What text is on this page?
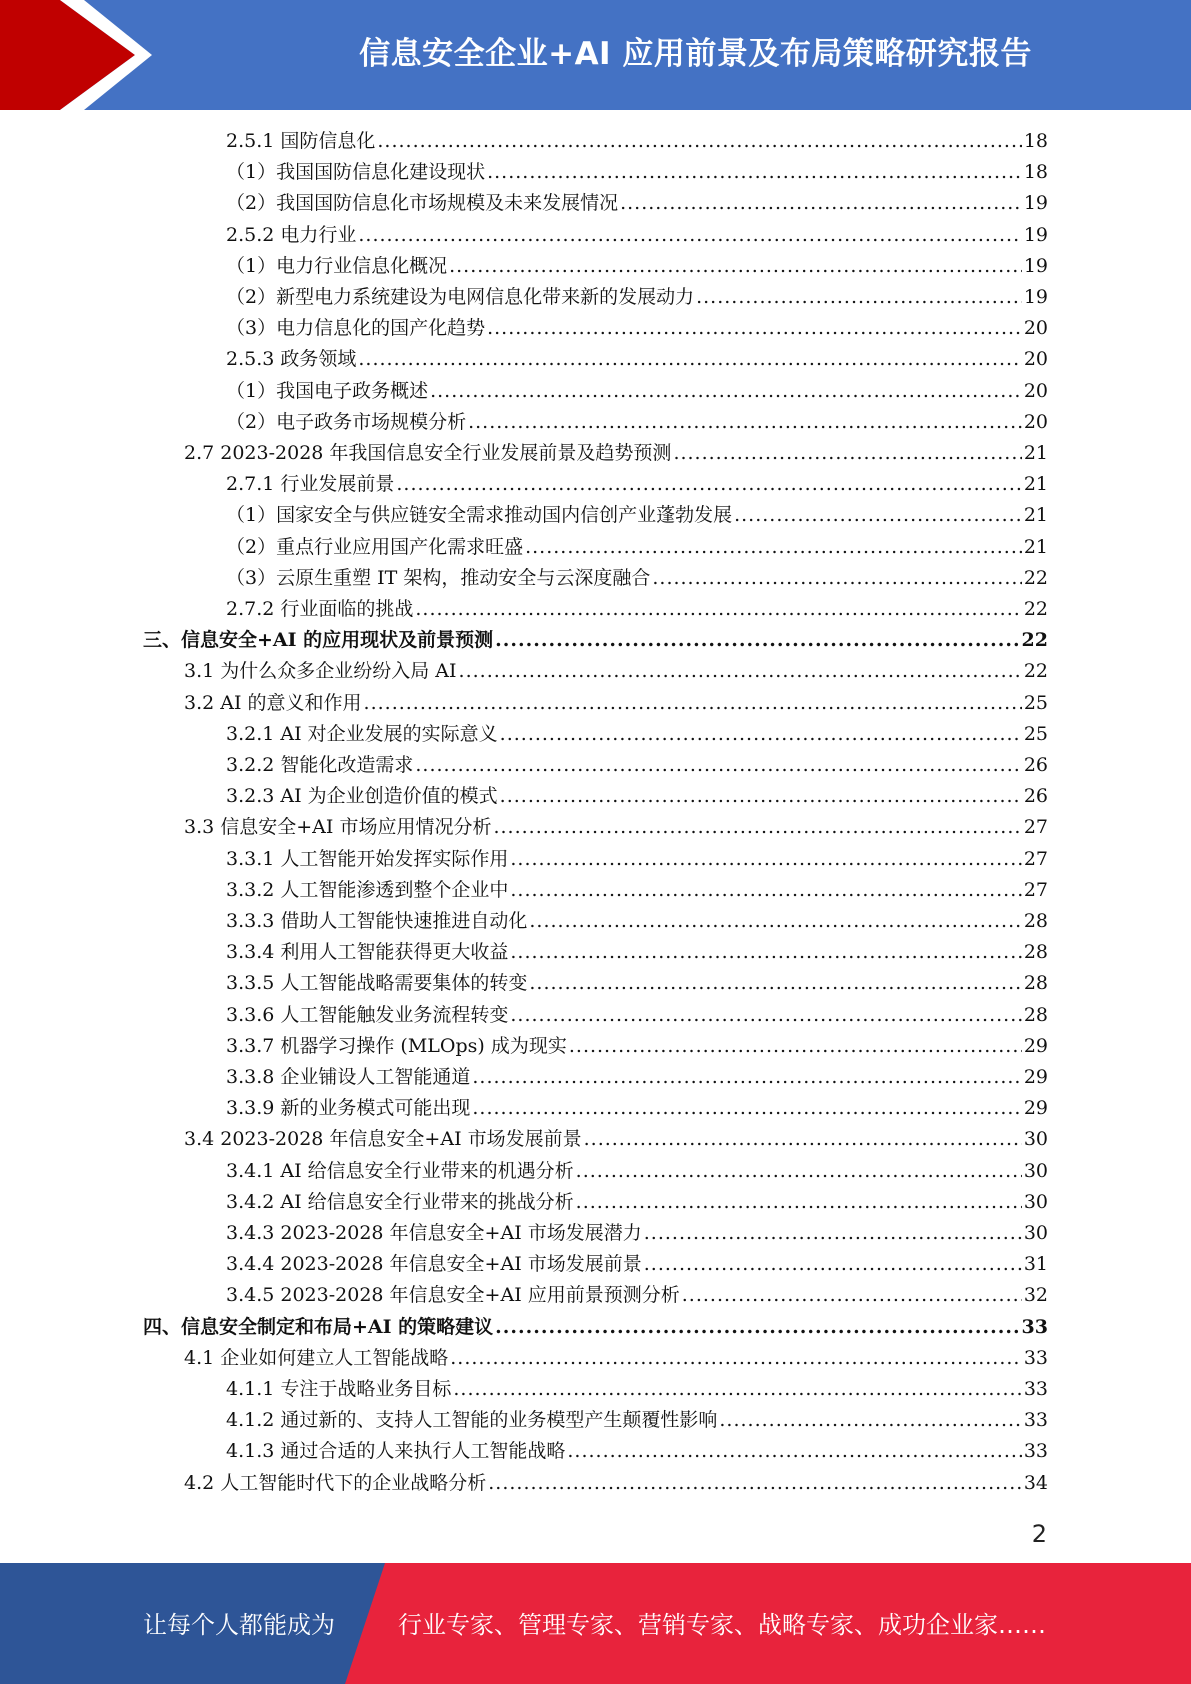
信息安全企业+AI 应用前景及布局策略研究报告
2.5.1 国防信息化 .....	18
（1）我国国防信息化建设现状 .....	18
（2）我国国防信息化市场规模及未来发展情况 .....	19
2.5.2 电力行业 .....	19
（1）电力行业信息化概况 .....	19
（2）新型电力系统建设为电网信息化带来新的发展动力 .....	19
（3）电力信息化的国产化趋势 .....	20
2.5.3 政务领域 .....	20
（1）我国电子政务概述 .....	20
（2）电子政务市场规模分析 .....	20
2.7 2023-2028 年我国信息安全行业发展前景及趋势预测 .....	21
2.7.1 行业发展前景 .....	21
（1）国家安全与供应链安全需求推动国内信创产业蓬勃发展 .....	21
（2）重点行业应用国产化需求旺盛 .....	21
（3）云原生重塑 IT 架构，推动安全与云深度融合 .....	22
2.7.2 行业面临的挑战 .....	22
三、信息安全+AI 的应用现状及前景预测 .....	22
3.1 为什么众多企业纷纷入局 AI .....	22
3.2 AI 的意义和作用 .....	25
3.2.1 AI 对企业发展的实际意义 .....	25
3.2.2 智能化改造需求 .....	26
3.2.3 AI 为企业创造价值的模式 .....	26
3.3 信息安全+AI 市场应用情况分析 .....	27
3.3.1 人工智能开始发挥实际作用 .....	27
3.3.2 人工智能渗透到整个企业中 .....	27
3.3.3 借助人工智能快速推进自动化 .....	28
3.3.4 利用人工智能获得更大收益 .....	28
3.3.5 人工智能战略需要集体的转变 .....	28
3.3.6 人工智能触发业务流程转变 .....	28
3.3.7 机器学习操作 (MLOps) 成为现实 .....	29
3.3.8 企业铺设人工智能通道 .....	29
3.3.9 新的业务模式可能出现 .....	29
3.4 2023-2028 年信息安全+AI 市场发展前景 .....	30
3.4.1 AI 给信息安全行业带来的机遇分析 .....	30
3.4.2 AI 给信息安全行业带来的挑战分析 .....	30
3.4.3 2023-2028 年信息安全+AI 市场发展潜力 .....	30
3.4.4 2023-2028 年信息安全+AI 市场发展前景 .....	31
3.4.5 2023-2028 年信息安全+AI 应用前景预测分析 .....	32
四、信息安全制定和布局+AI 的策略建议 .....	33
4.1 企业如何建立人工智能战略 .....	33
4.1.1 专注于战略业务目标 .....	33
4.1.2 通过新的、支持人工智能的业务模型产生颠覆性影响 .....	33
4.1.3 通过合适的人来执行人工智能战略 .....	33
4.2 人工智能时代下的企业战略分析 .....	34
2
让每个人都能成为	行业专家、管理专家、营销专家、战略专家、成功企业家……
